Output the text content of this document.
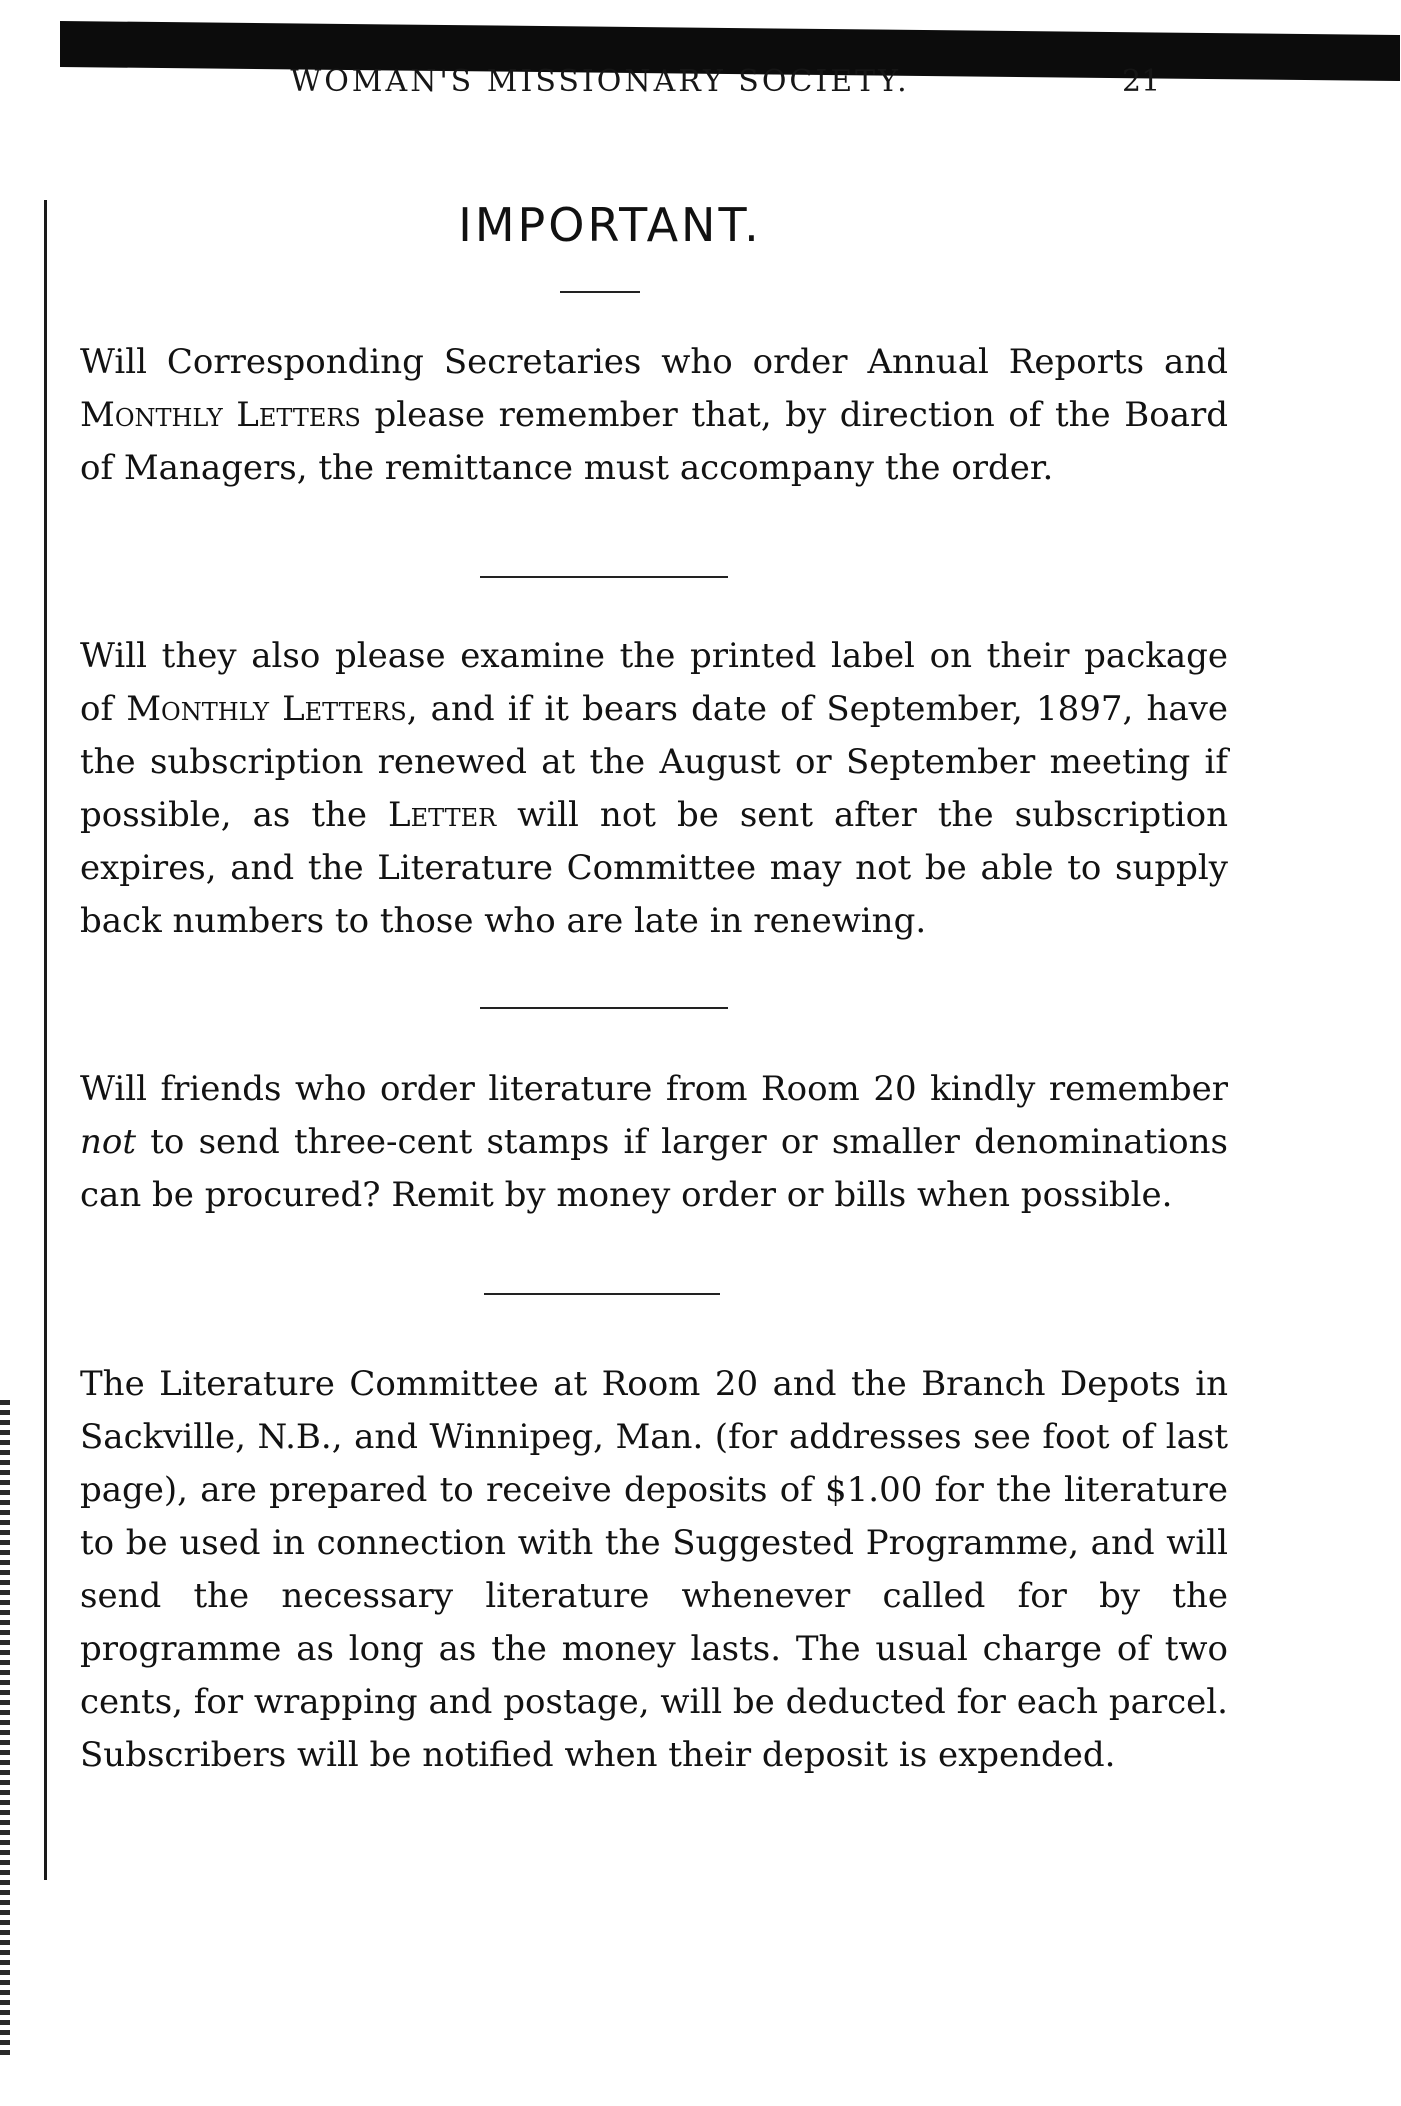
WOMAN'S MISSIONARY SOCIETY.	21
IMPORTANT.
Will Corresponding Secretaries who order Annual Reports and Monthly Letters please remember that, by direction of the Board of Managers, the remittance must accompany the order.
Will they also please examine the printed label on their package of Monthly Letters, and if it bears date of September, 1897, have the subscription renewed at the August or September meeting if possible, as the Letter will not be sent after the subscription expires, and the Literature Committee may not be able to supply back numbers to those who are late in renewing.
Will friends who order literature from Room 20 kindly remember not to send three-cent stamps if larger or smaller denominations can be procured? Remit by money order or bills when possible.
The Literature Committee at Room 20 and the Branch Depots in Sackville, N.B., and Winnipeg, Man. (for addresses see foot of last page), are prepared to receive deposits of $1.00 for the literature to be used in connection with the Suggested Programme, and will send the necessary literature whenever called for by the programme as long as the money lasts. The usual charge of two cents, for wrapping and postage, will be deducted for each parcel. Subscribers will be notified when their deposit is expended.
